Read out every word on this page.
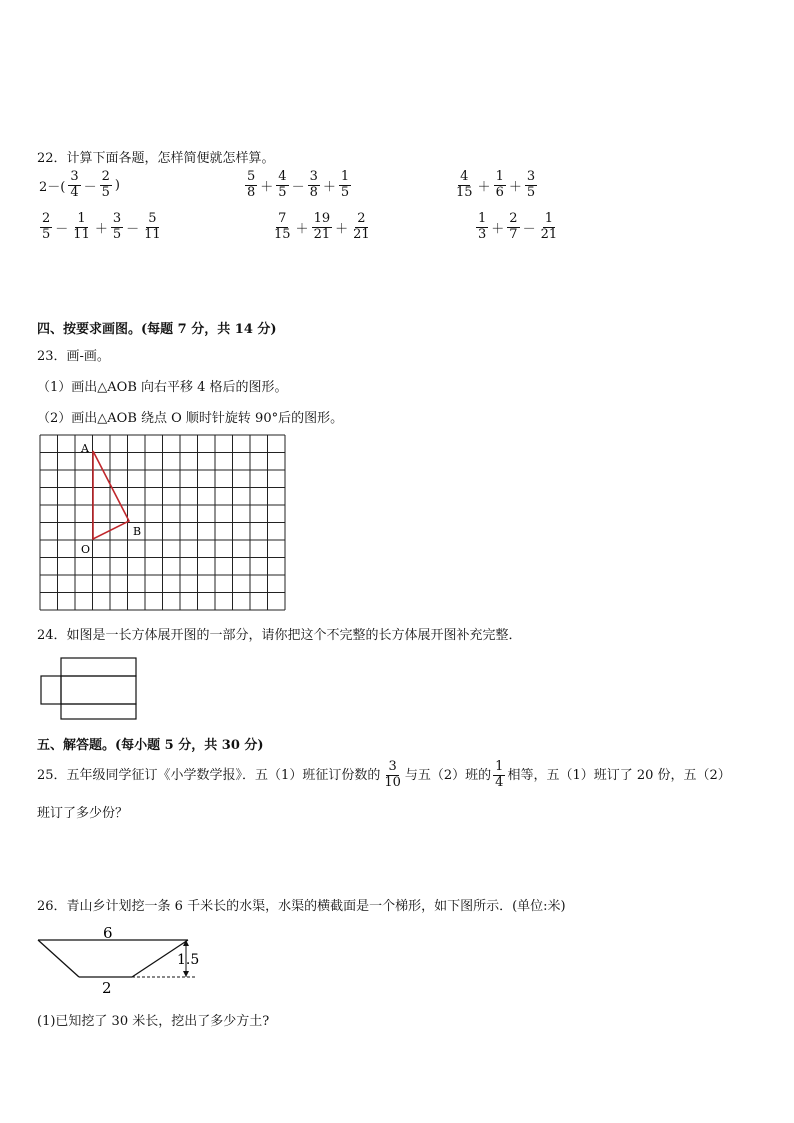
22．计算下面各题，怎样简便就怎样算。
$2-( \frac{3}{4} - \frac{2}{5}$ )	$\frac{5}{8} + \frac{4}{5} - \frac{3}{8} + \frac{1}{5}$	$\frac{4}{15} + \frac{1}{6} + \frac{3}{5}$
$\frac{2}{5} - \frac{1}{11} + \frac{3}{5} - \frac{5}{11}$	$\frac{7}{15} + \frac{19}{21} + \frac{2}{21}$	$\frac{1}{3} + \frac{2}{7} - \frac{1}{21}$
四、按要求画图。(每题 7 分，共 14 分)
23．画-画。
（1）画出△AOB 向右平移 4 格后的图形。
（2）画出△AOB 绕点 O 顺时针旋转 90°后的图形。
A
B
O
24．如图是一长方体展开图的一部分，请你把这个不完整的长方体展开图补充完整．
五、解答题。(每小题 5 分，共 30 分)
25．五年级同学征订《小学数学报》．五（1）班征订份数的 $\frac{3}{10}$ 与五（2）班的 $\frac{1}{4}$ 相等，五（1）班订了 20 份，五（2）
班订了多少份？
26．青山乡计划挖一条 6 千米长的水渠，水渠的横截面是一个梯形，如下图所示．(单位:米)
6
2
1.5
(1)已知挖了 30 米长，挖出了多少方土?
